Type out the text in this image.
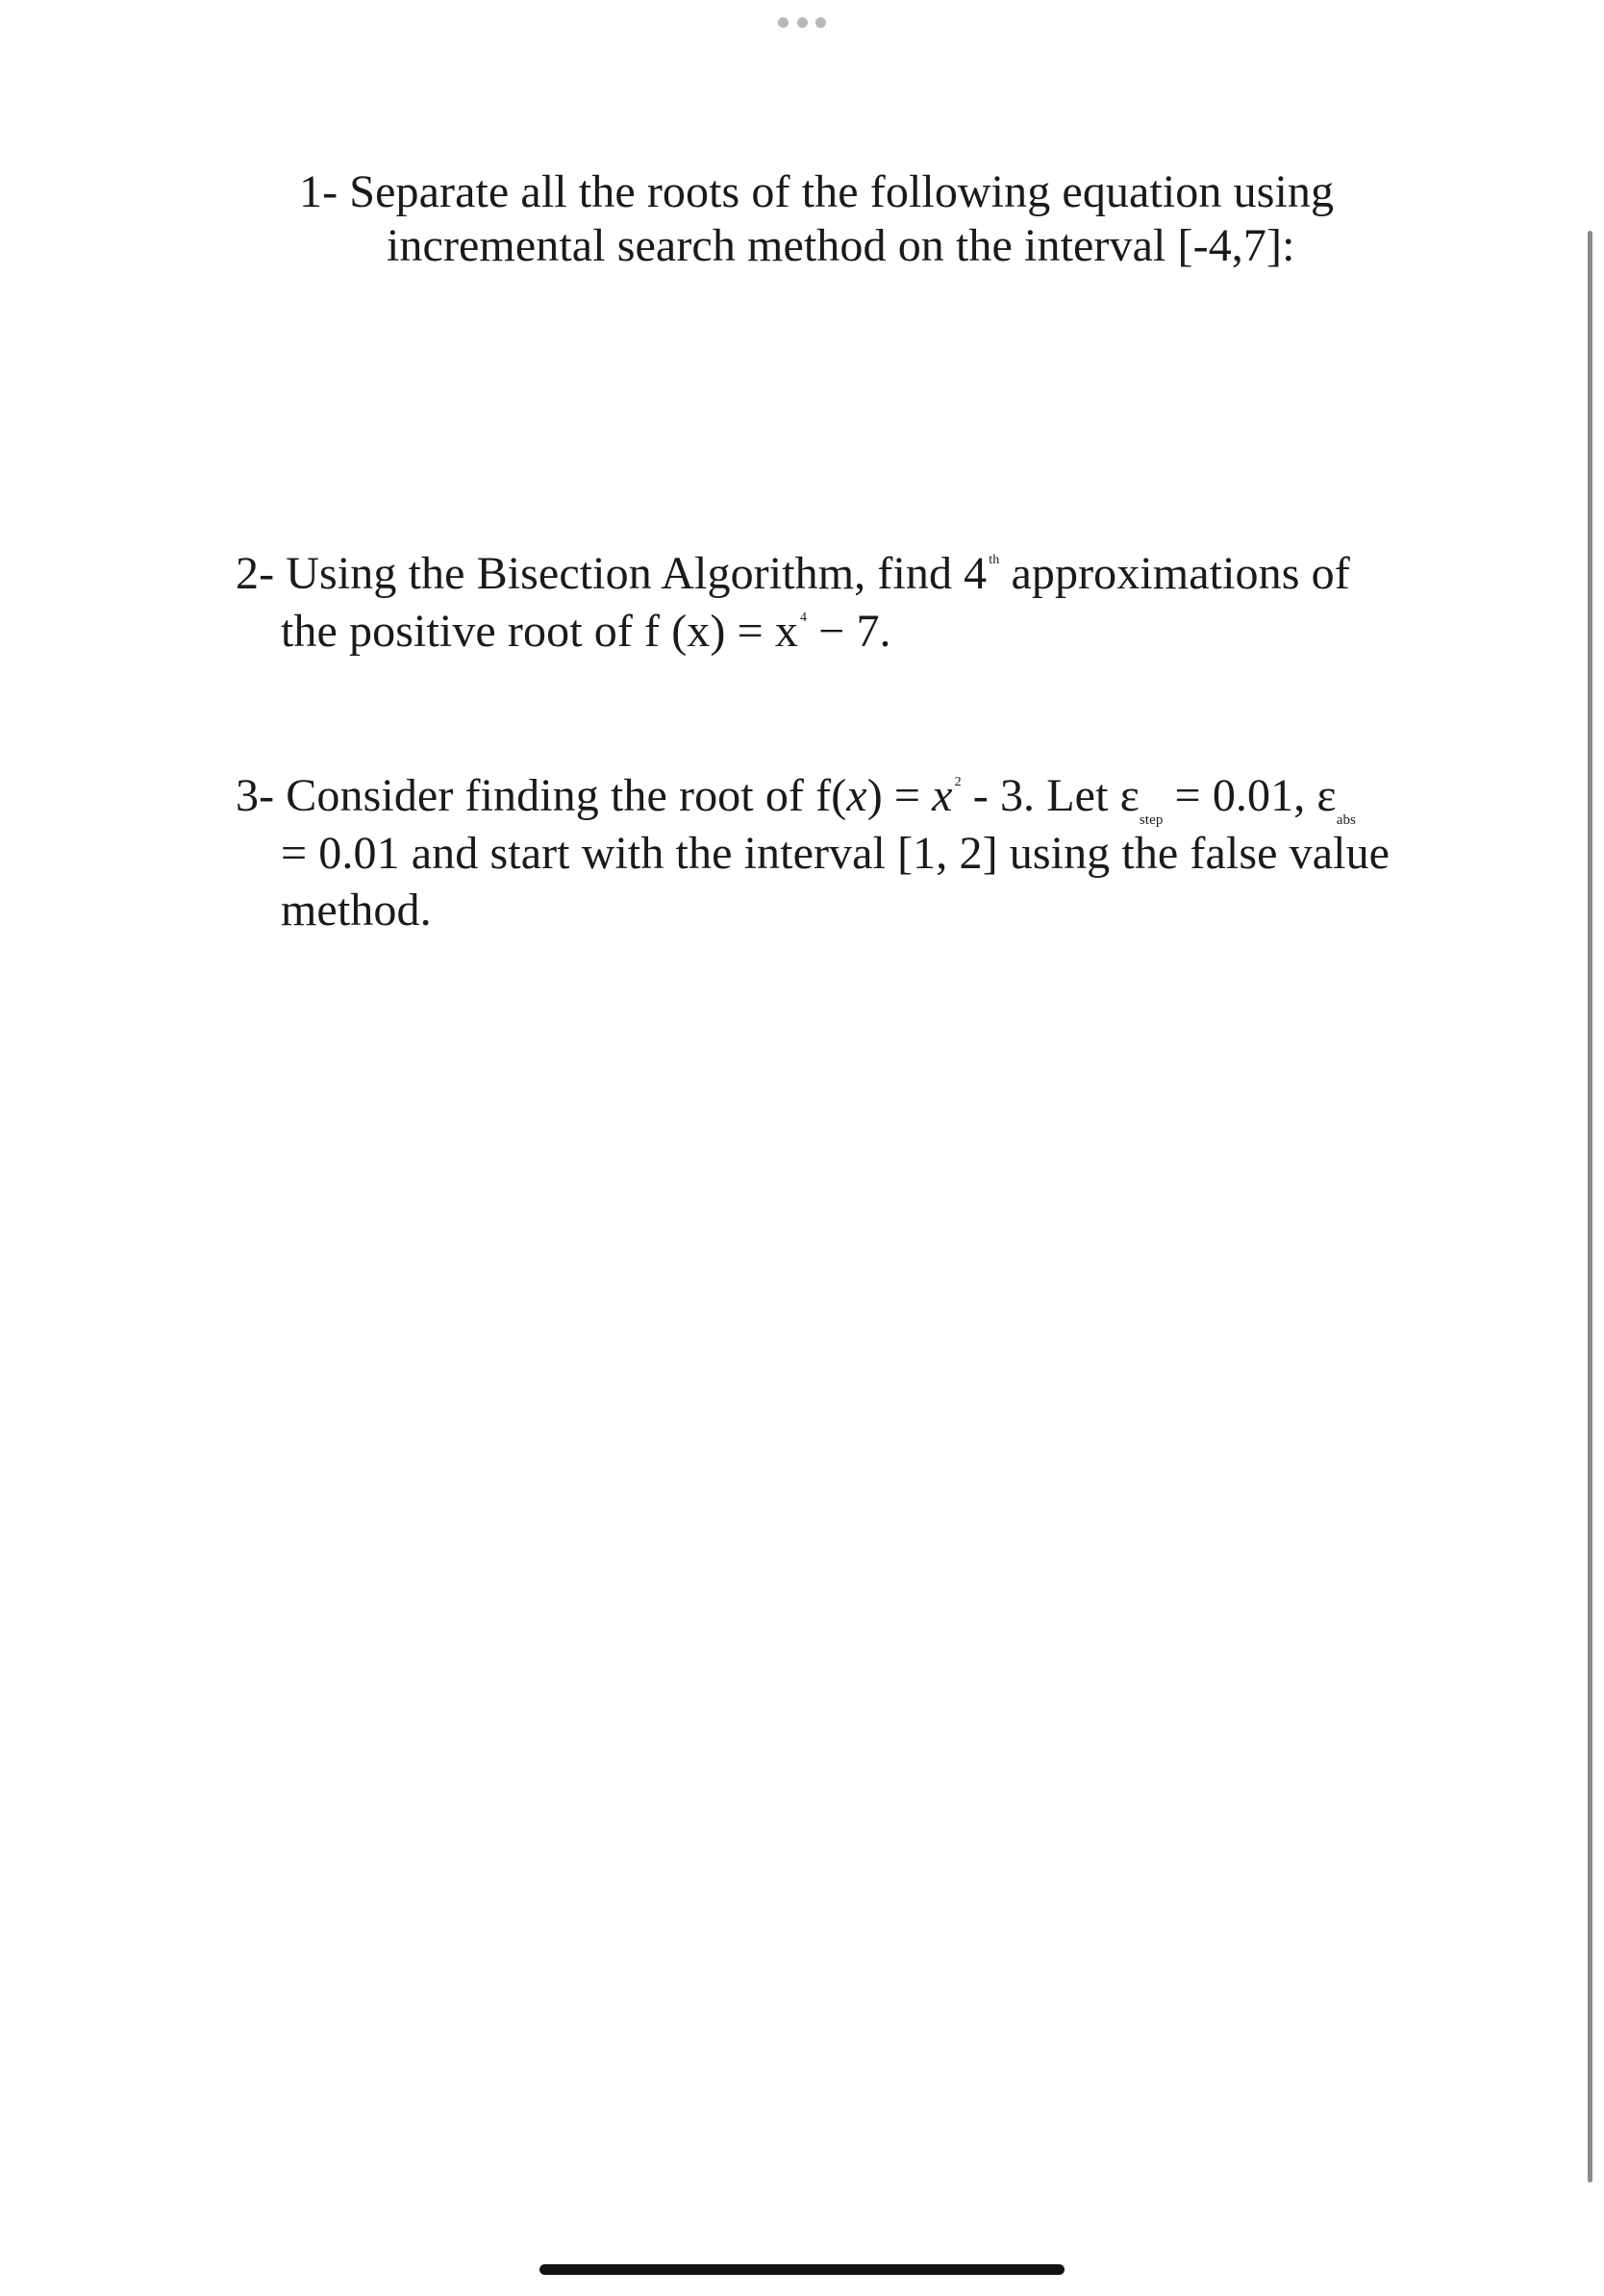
1- Separate all the roots of the following equation using
incremental search method on the interval [-4,7]:
2- Using the Bisection Algorithm, find 4 $^{th}$ approximations of
the positive root of f (x) = x $^4$ − 7.
3- Consider finding the root of f(x) = x $^2$ - 3. Let $\varepsilon_{step} = 0.01$, $\varepsilon_{abs}$
= 0.01 and start with the interval [1, 2] using the false value
method.
